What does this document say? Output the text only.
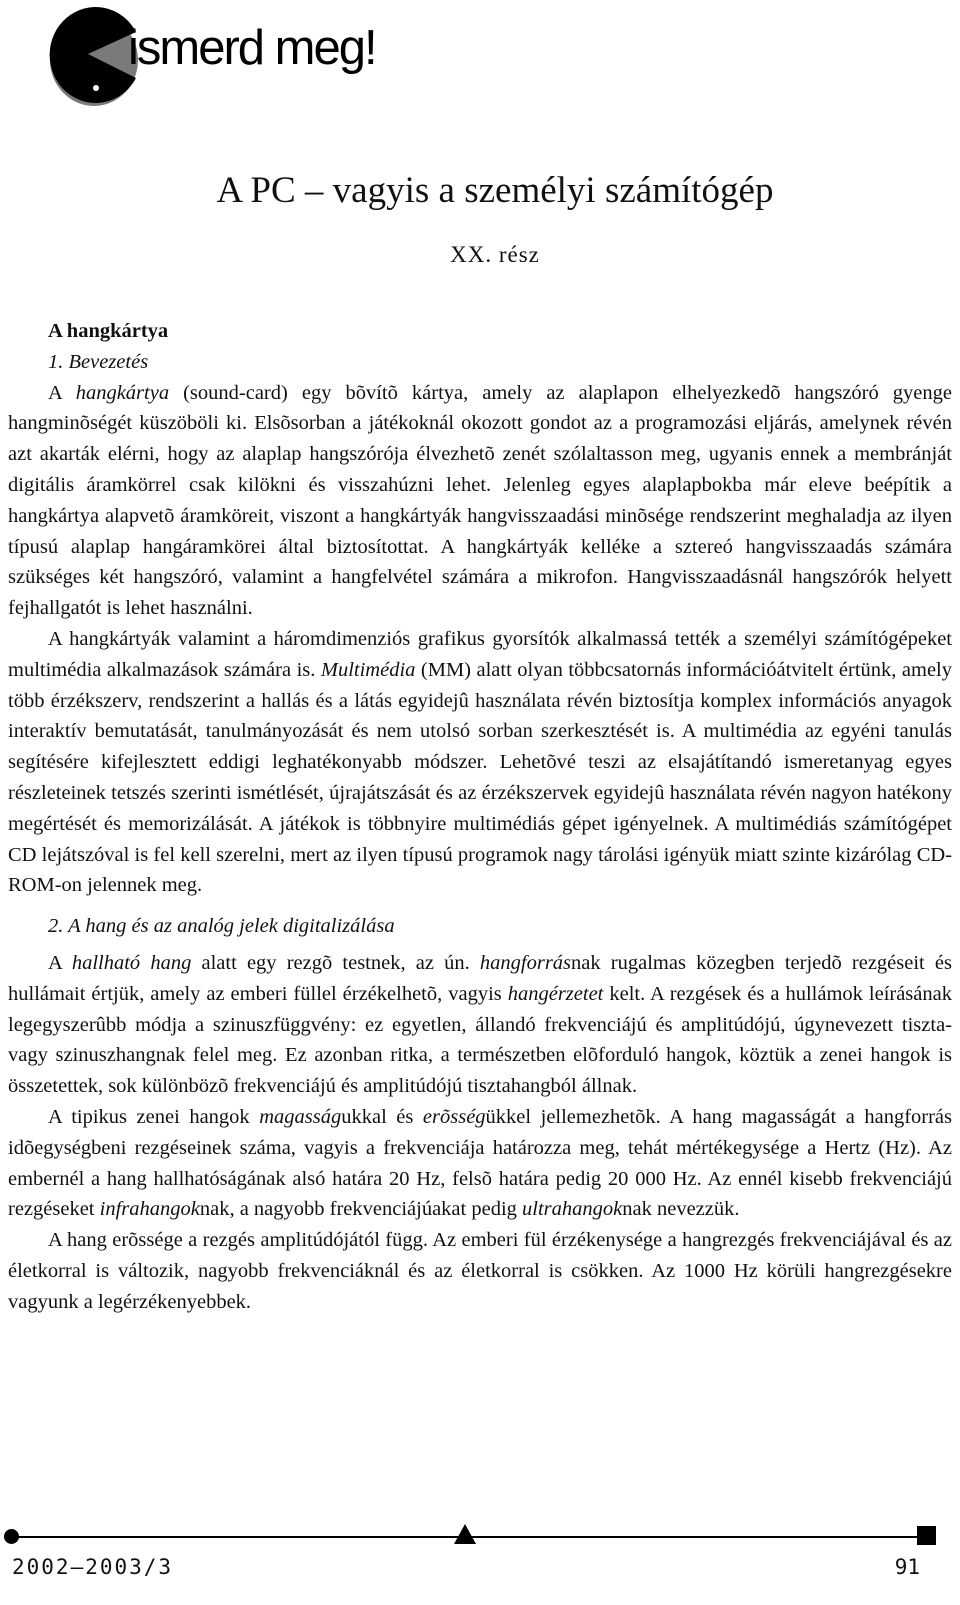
ismerd meg!
A PC – vagyis a személyi számítógép
XX. rész
A hangkártya
1. Bevezetés

A hangkártya (sound-card) egy bõvítõ kártya, amely az alaplapon elhelyezkedõ hangszóró gyenge hangminõségét küszöböli ki. Elsõsorban a játékoknál okozott gondot az a programozási eljárás, amelynek révén azt akarták elérni, hogy az alaplap hangszórója élvezhetõ zenét szólaltasson meg, ugyanis ennek a membránját digitális áramkörrel csak kilökni és visszahúzni lehet. Jelenleg egyes alaplapbokba már eleve beépítik a hangkártya alapvetõ áramköreit, viszont a hangkártyák hangvisszaadási minõsége rendszerint meghaladja az ilyen típusú alaplap hangáramkörei által biztosítottat. A hangkártyák kelléke a sztereó hangvisszaadás számára szükséges két hangszóró, valamint a hangfelvétel számára a mikrofon. Hangvisszaadásnál hangszórók helyett fejhallgatót is lehet használni.

A hangkártyák valamint a háromdimenziós grafikus gyorsítók alkalmassá tették a személyi számítógépeket multimédia alkalmazások számára is. Multimédia (MM) alatt olyan többcsatornás információátvitelt értünk, amely több érzékszerv, rendszerint a hallás és a látás egyidejû használata révén biztosítja komplex információs anyagok interaktív bemutatását, tanulmányozását és nem utolsó sorban szerkesztését is. A multimédia az egyéni tanulás segítésére kifejlesztett eddigi leghatékonyabb módszer. Lehetõvé teszi az elsajátítandó ismeretanyag egyes részleteinek tetszés szerinti ismétlését, újrajátszását és az érzékszervek egyidejû használata révén nagyon hatékony megértését és memorizálását. A játékok is többnyire multimédiás gépet igényelnek. A multimédiás számítógépet CD lejátszóval is fel kell szerelni, mert az ilyen típusú programok nagy tárolási igényük miatt szinte kizárólag CD-ROM-on jelennek meg.

2. A hang és az analóg jelek digitalizálása

A hallható hang alatt egy rezgõ testnek, az ún. hangforrásnak rugalmas közegben terjedõ rezgéseit és hullámait értjük, amely az emberi füllel érzékelhetõ, vagyis hangérzetet kelt. A rezgések és a hullámok leírásának legegyszerûbb módja a szinuszfüggvény: ez egyetlen, állandó frekvenciájú és amplitúdójú, úgynevezett tiszta- vagy szinuszhangnak felel meg. Ez azonban ritka, a természetben elõforduló hangok, köztük a zenei hangok is összetettek, sok különbözõ frekvenciájú és amplitúdójú tisztahangból állnak.

A tipikus zenei hangok magasságukkal és erõsségükkel jellemezhetõk. A hang magasságát a hangforrás idõegységbeni rezgéseinek száma, vagyis a frekvenciája határozza meg, tehát mértékegysége a Hertz (Hz). Az embernél a hang hallhatóságának alsó határa 20 Hz, felsõ határa pedig 20 000 Hz. Az ennél kisebb frekvenciájú rezgéseket infrahangoknak, a nagyobb frekvenciájúakat pedig ultrahangoknak nevezzük.

A hang erõssége a rezgés amplitúdójától függ. Az emberi fül érzékenysége a hangrezgés frekvenciájával és az életkorral is változik, nagyobb frekvenciáknál és az életkorral is csökken. Az 1000 Hz körüli hangrezgésekre vagyunk a legérzékenyebbek.

2002–2003/3	91
